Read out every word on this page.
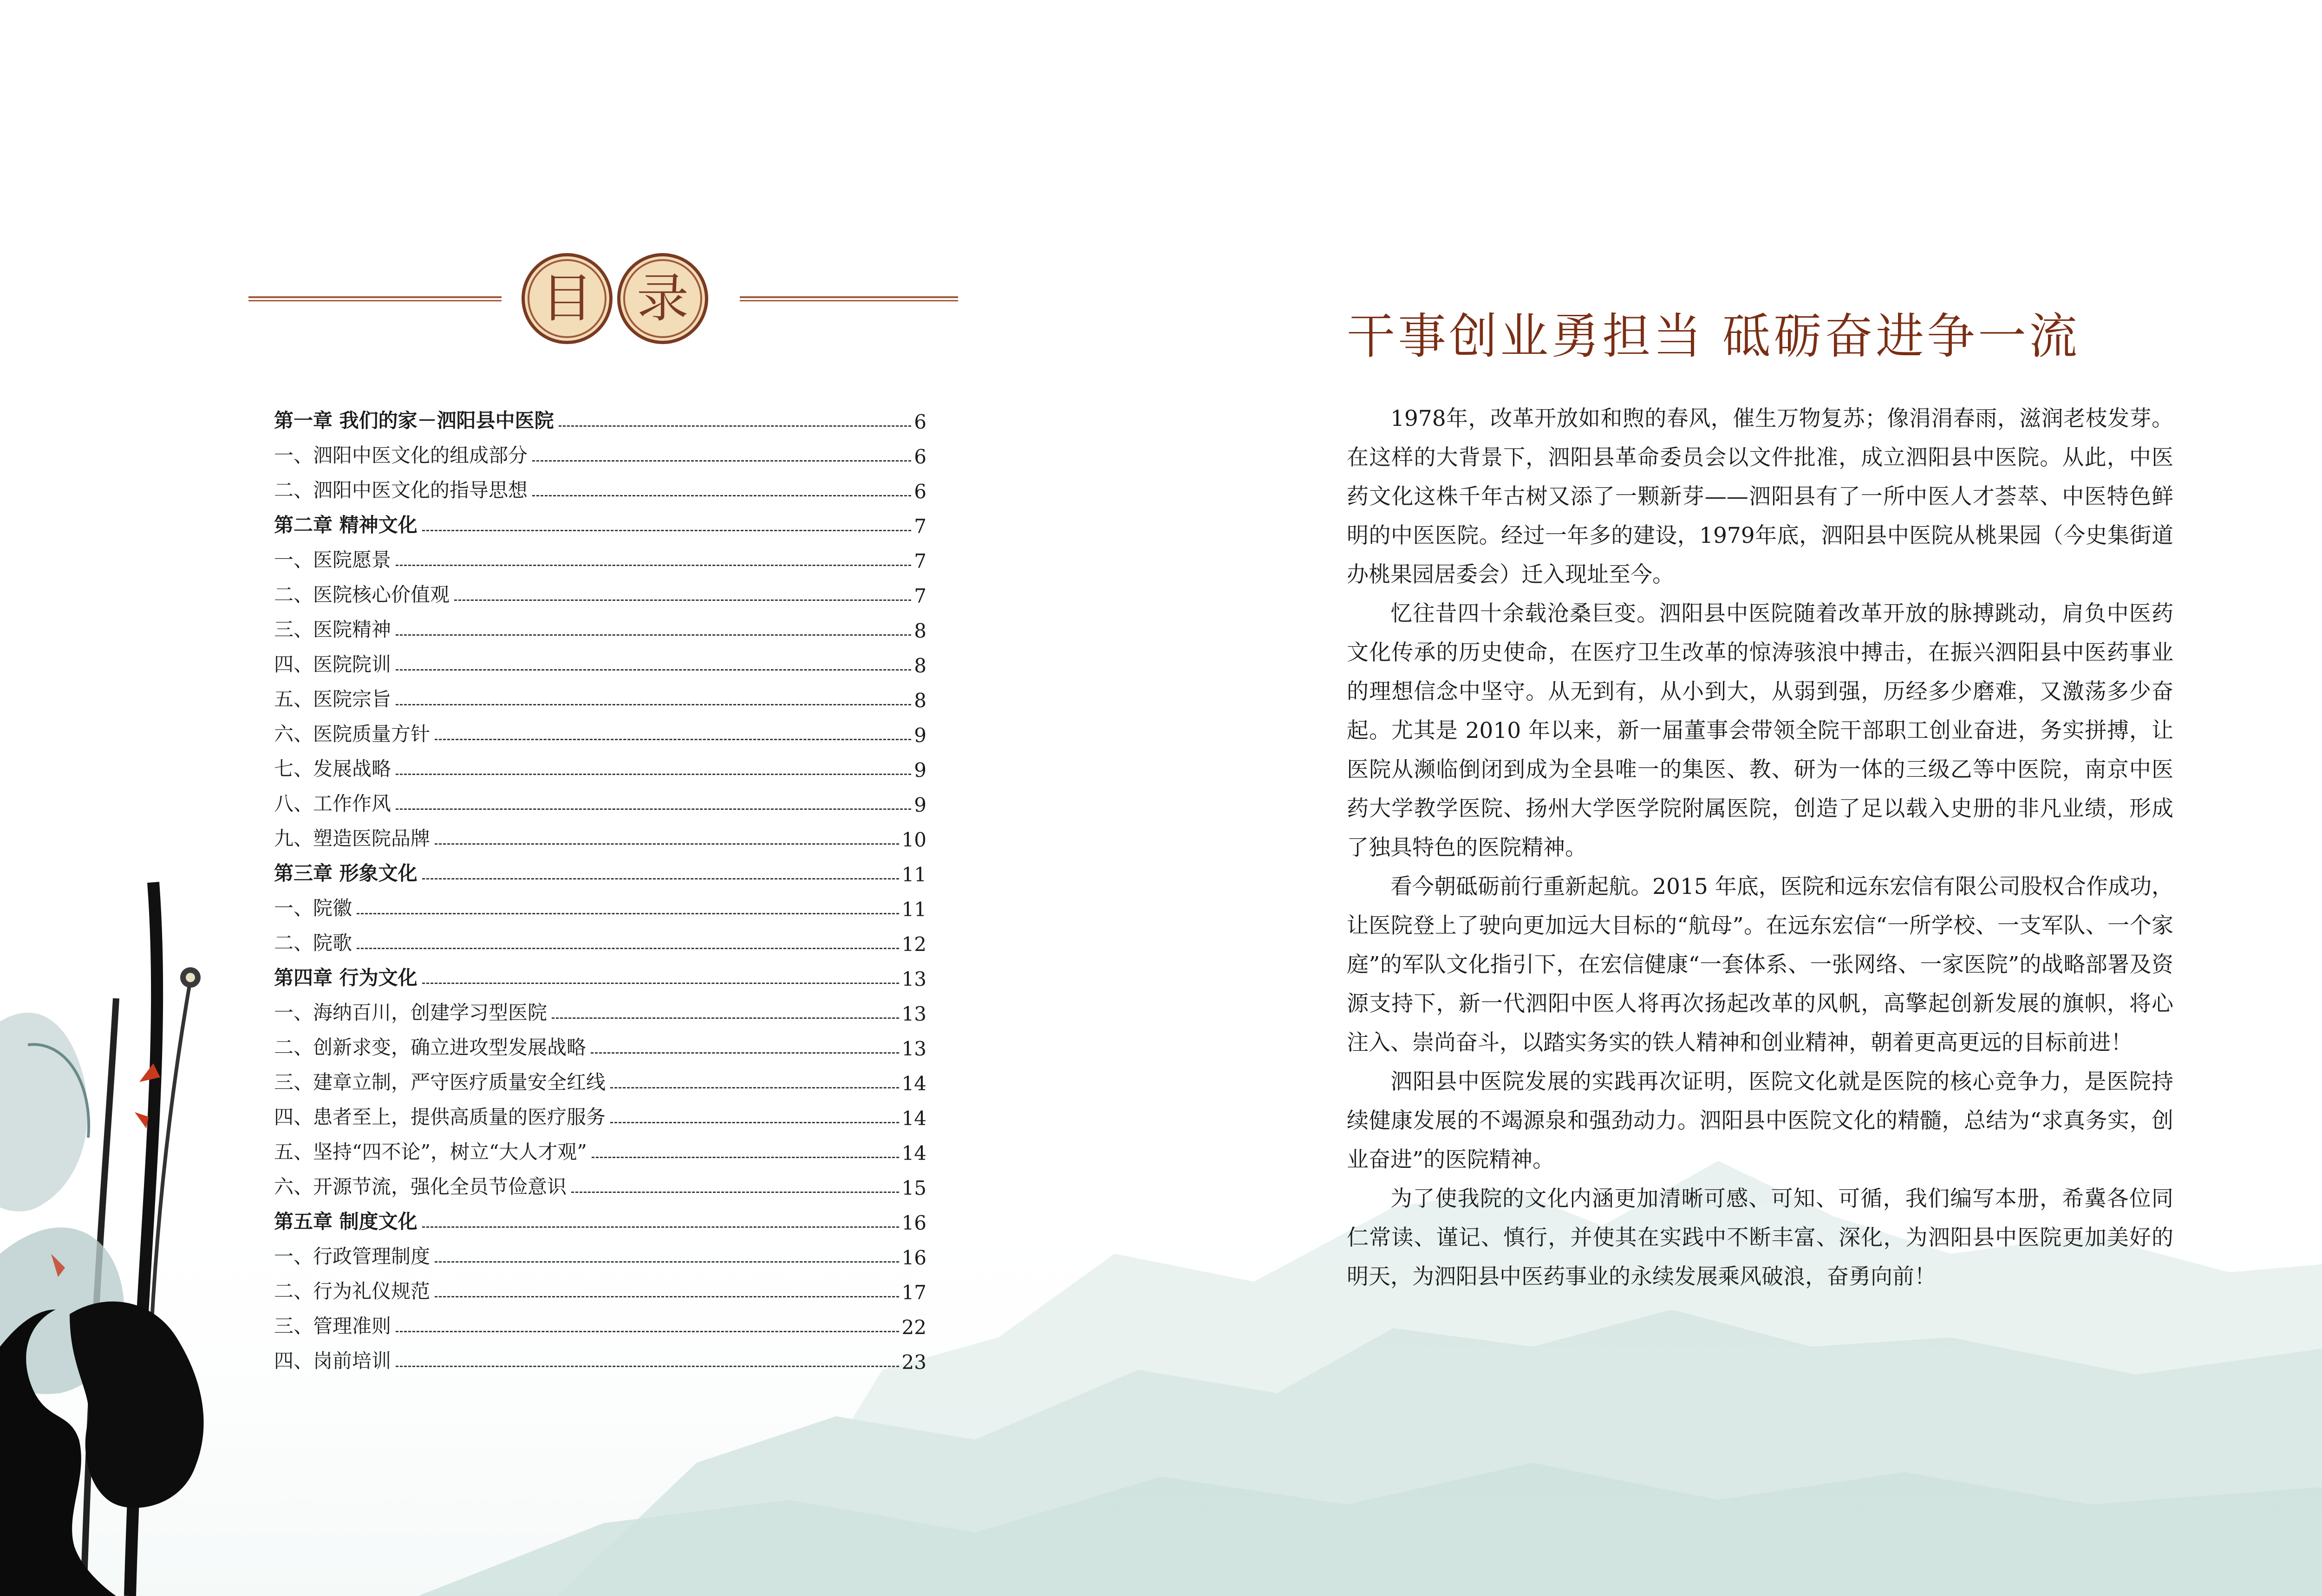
目 录
第一章 我们的家－泗阳县中医院	6
一、泗阳中医文化的组成部分	6
二、泗阳中医文化的指导思想	6
第二章 精神文化	7
一、医院愿景	7
二、医院核心价值观	7
三、医院精神	8
四、医院院训	8
五、医院宗旨	8
六、医院质量方针	9
七、发展战略	9
八、工作作风	9
九、塑造医院品牌	10
第三章 形象文化	11
一、院徽	11
二、院歌	12
第四章 行为文化	13
一、海纳百川，创建学习型医院	13
二、创新求变，确立进攻型发展战略	13
三、建章立制，严守医疗质量安全红线	14
四、患者至上，提供高质量的医疗服务	14
五、坚持“四不论”，树立“大人才观”	14
六、开源节流，强化全员节俭意识	15
第五章 制度文化	16
一、行政管理制度	16
二、行为礼仪规范	17
三、管理准则	22
四、岗前培训	23
干事创业勇担当 砥砺奋进争一流

1978年，改革开放如和煦的春风，催生万物复苏；像涓涓春雨，滋润老枝发芽。在这样的大背景下，泗阳县革命委员会以文件批准，成立泗阳县中医院。从此，中医药文化这株千年古树又添了一颗新芽——泗阳县有了一所中医人才荟萃、中医特色鲜明的中医医院。经过一年多的建设，1979年底，泗阳县中医院从桃果园（今史集街道办桃果园居委会）迁入现址至今。

忆往昔四十余载沧桑巨变。泗阳县中医院随着改革开放的脉搏跳动，肩负中医药文化传承的历史使命，在医疗卫生改革的惊涛骇浪中搏击，在振兴泗阳县中医药事业的理想信念中坚守。从无到有，从小到大，从弱到强，历经多少磨难，又激荡多少奋起。尤其是 2010 年以来，新一届董事会带领全院干部职工创业奋进，务实拼搏，让医院从濒临倒闭到成为全县唯一的集医、教、研为一体的三级乙等中医院，南京中医药大学教学医院、扬州大学医学院附属医院，创造了足以载入史册的非凡业绩，形成了独具特色的医院精神。

看今朝砥砺前行重新起航。2015 年底，医院和远东宏信有限公司股权合作成功，让医院登上了驶向更加远大目标的“航母”。在远东宏信“一所学校、一支军队、一个家庭”的军队文化指引下，在宏信健康“一套体系、一张网络、一家医院”的战略部署及资源支持下，新一代泗阳中医人将再次扬起改革的风帆，高擎起创新发展的旗帜，将心注入、崇尚奋斗，以踏实务实的铁人精神和创业精神，朝着更高更远的目标前进！

泗阳县中医院发展的实践再次证明，医院文化就是医院的核心竞争力，是医院持续健康发展的不竭源泉和强劲动力。泗阳县中医院文化的精髓，总结为“求真务实，创业奋进”的医院精神。

为了使我院的文化内涵更加清晰可感、可知、可循，我们编写本册，希冀各位同仁常读、谨记、慎行，并使其在实践中不断丰富、深化，为泗阳县中医院更加美好的明天，为泗阳县中医药事业的永续发展乘风破浪，奋勇向前！
